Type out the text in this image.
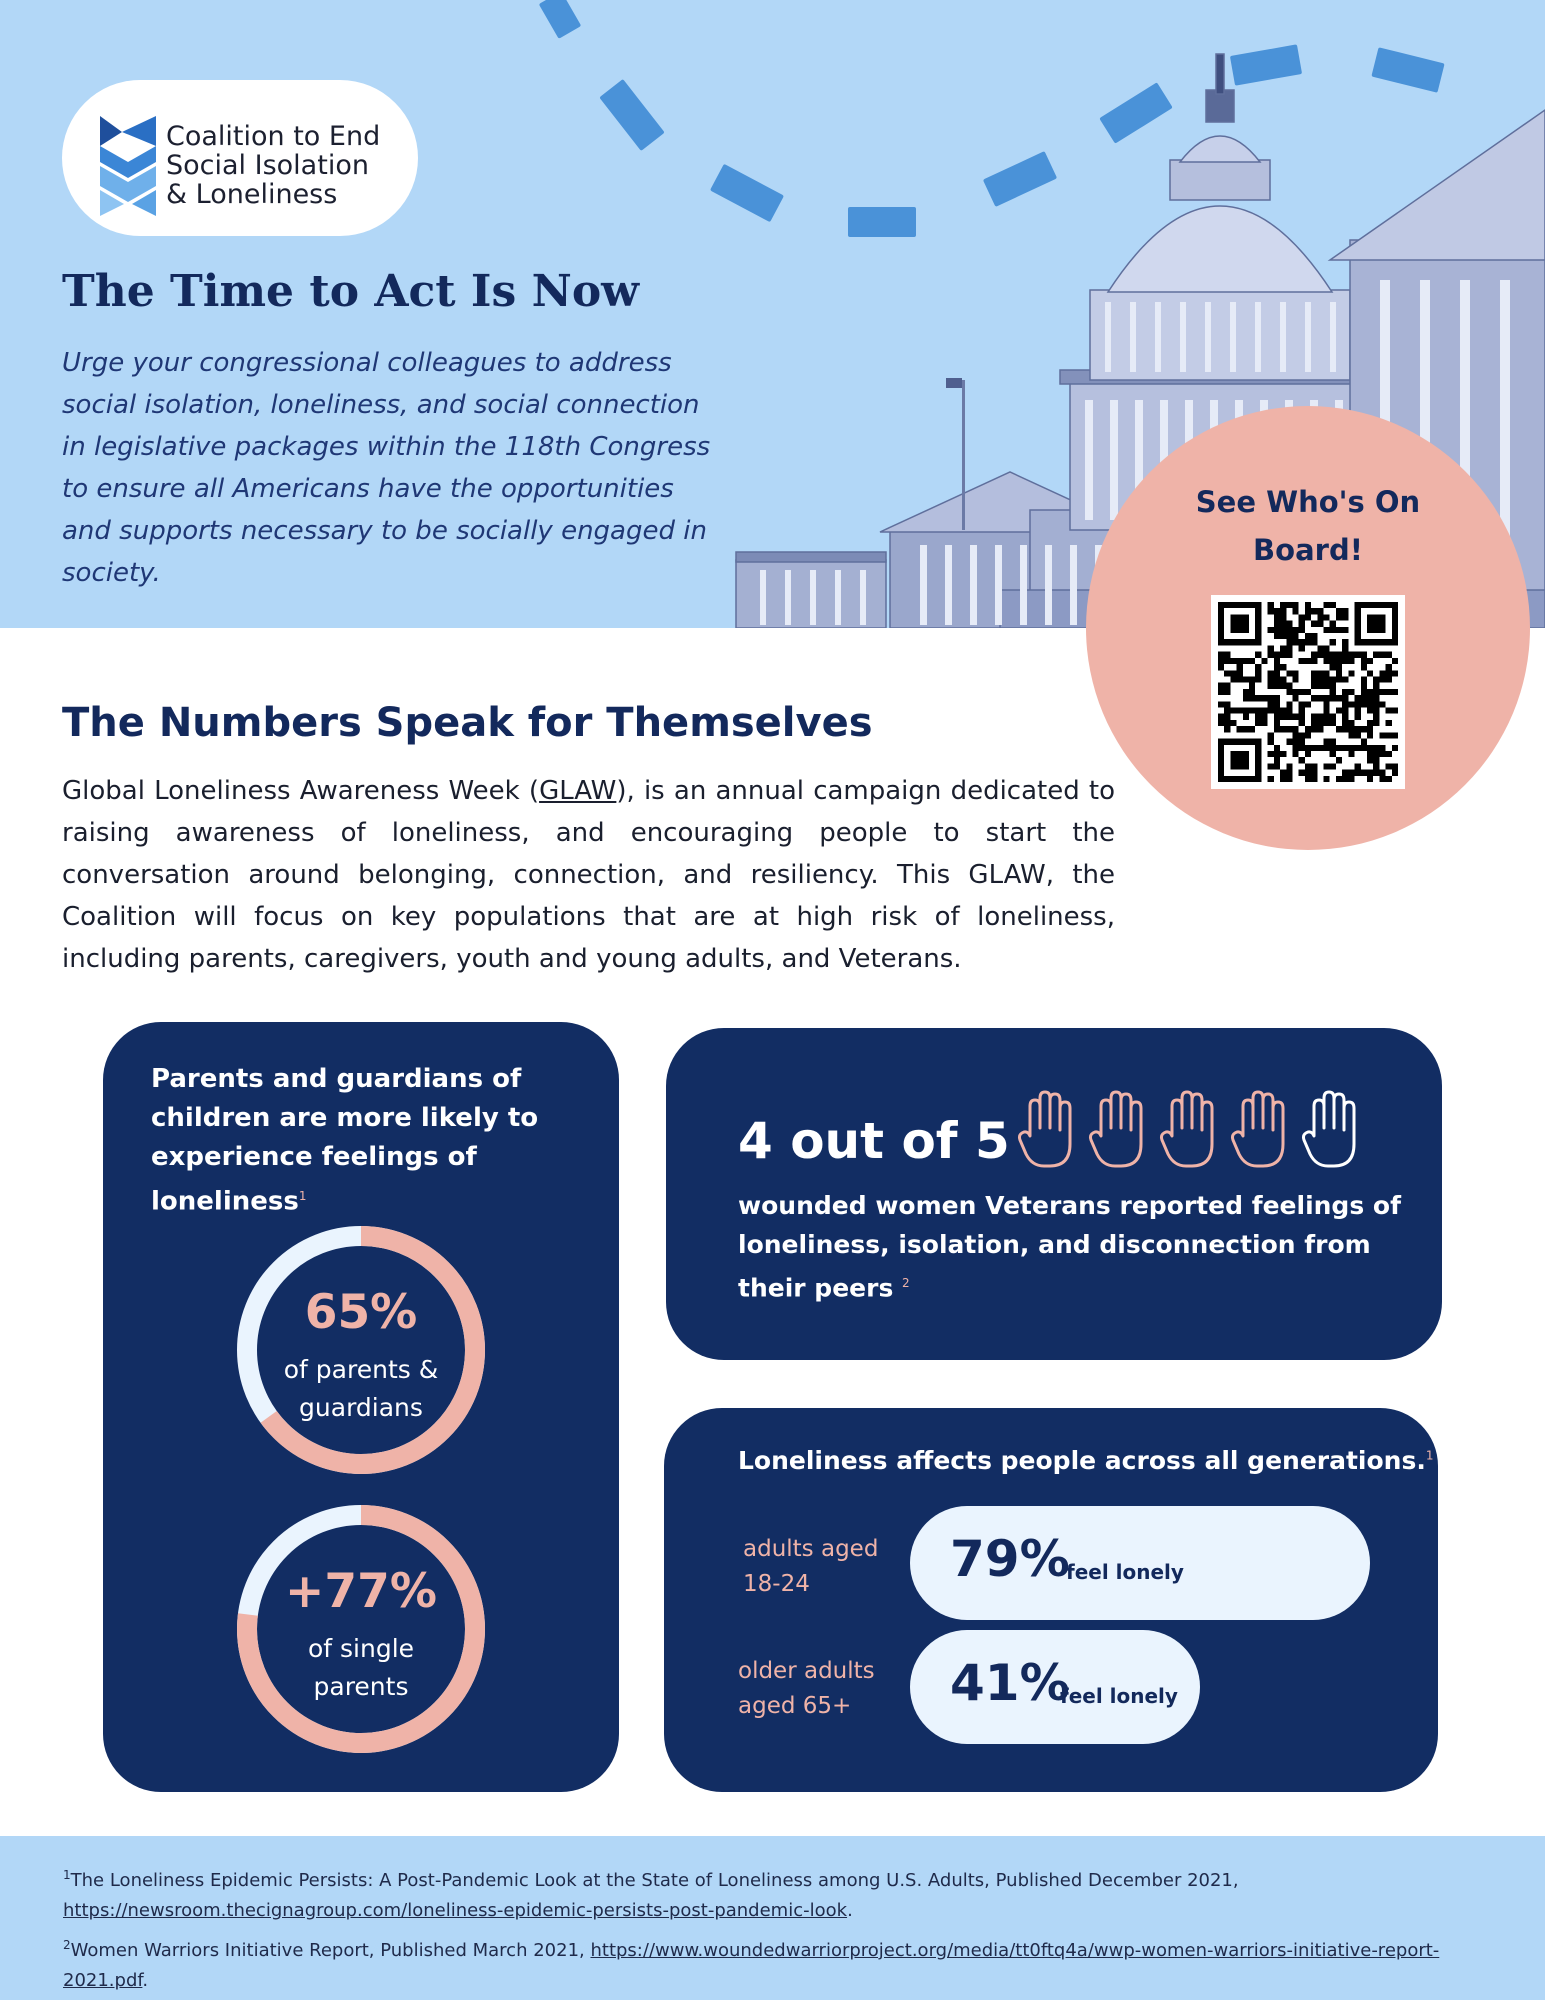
Coalition to End
Social Isolation
& Loneliness
The Time to Act Is Now

Urge your congressional colleagues to address social isolation, loneliness, and social connection in legislative packages within the 118th Congress to ensure all Americans have the opportunities and supports necessary to be socially engaged in society.

See Who's On
Board!
The Numbers Speak for Themselves

Global Loneliness Awareness Week (GLAW), is an annual campaign dedicated to raising awareness of loneliness, and encouraging people to start the conversation around belonging, connection, and resiliency. This GLAW, the Coalition will focus on key populations that are at high risk of loneliness, including parents, caregivers, youth and young adults, and Veterans.

Parents and guardians of children are more likely to experience feelings of loneliness$^1$
65%
of parents &
guardians
+77%
of single
parents
4 out of 5
wounded women Veterans reported feelings of loneliness, isolation, and disconnection from their peers $^2$
Loneliness affects people across all generations.$^1$
adults aged
18-24	79%
feel lonely
older adults
aged 65+	41%
feel lonely
$^1$The Loneliness Epidemic Persists: A Post-Pandemic Look at the State of Loneliness among U.S. Adults, Published December 2021,
https://newsroom.thecignagroup.com/loneliness-epidemic-persists-post-pandemic-look.
$^2$Women Warriors Initiative Report, Published March 2021, https://www.woundedwarriorproject.org/media/tt0ftq4a/wwp-women-warriors-initiative-report-2021.pdf.
